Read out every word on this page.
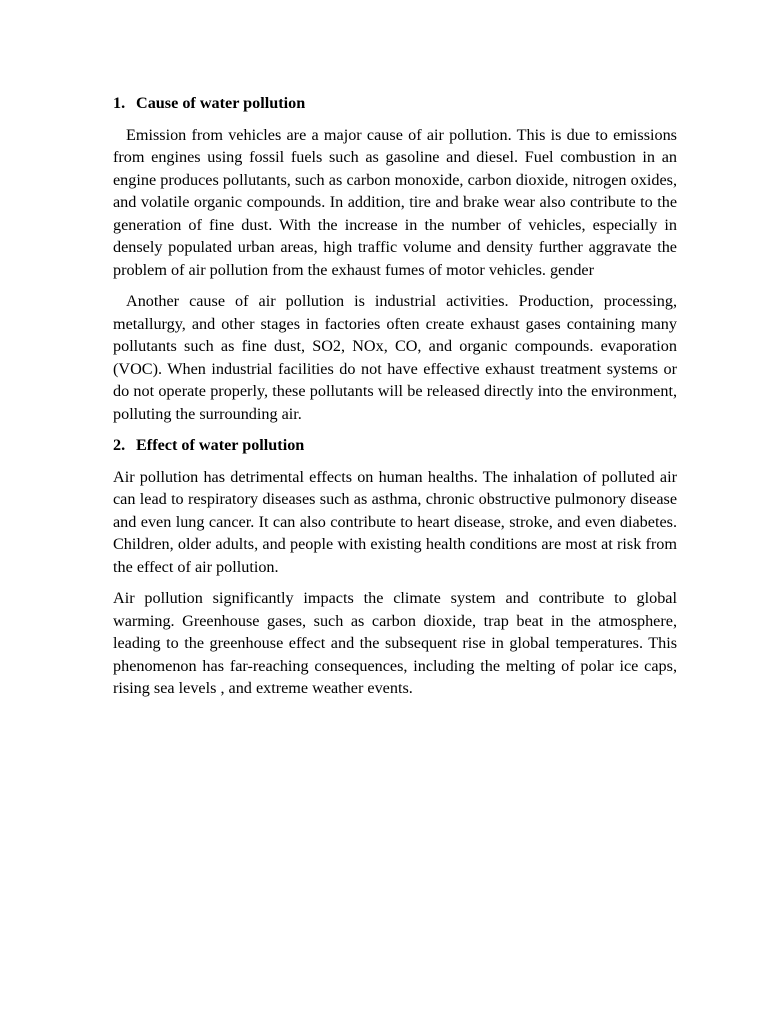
1. Cause of water pollution

Emission from vehicles are a major cause of air pollution. This is due to emissions from engines using fossil fuels such as gasoline and diesel. Fuel combustion in an engine produces pollutants, such as carbon monoxide, carbon dioxide, nitrogen oxides, and volatile organic compounds. In addition, tire and brake wear also contribute to the generation of fine dust. With the increase in the number of vehicles, especially in densely populated urban areas, high traffic volume and density further aggravate the problem of air pollution from the exhaust fumes of motor vehicles. gender

Another cause of air pollution is industrial activities. Production, processing, metallurgy, and other stages in factories often create exhaust gases containing many pollutants such as fine dust, SO2, NOx, CO, and organic compounds. evaporation (VOC). When industrial facilities do not have effective exhaust treatment systems or do not operate properly, these pollutants will be released directly into the environment, polluting the surrounding air.

2. Effect of water pollution

Air pollution has detrimental effects on human healths. The inhalation of polluted air can lead to respiratory diseases such as asthma, chronic obstructive pulmonory disease and even lung cancer. It can also contribute to heart disease, stroke, and even diabetes. Children, older adults, and people with existing health conditions are most at risk from the effect of air pollution.

Air pollution significantly impacts the climate system and contribute to global warming. Greenhouse gases, such as carbon dioxide, trap beat in the atmosphere, leading to the greenhouse effect and the subsequent rise in global temperatures. This phenomenon has far-reaching consequences, including the melting of polar ice caps, rising sea levels , and extreme weather events.
